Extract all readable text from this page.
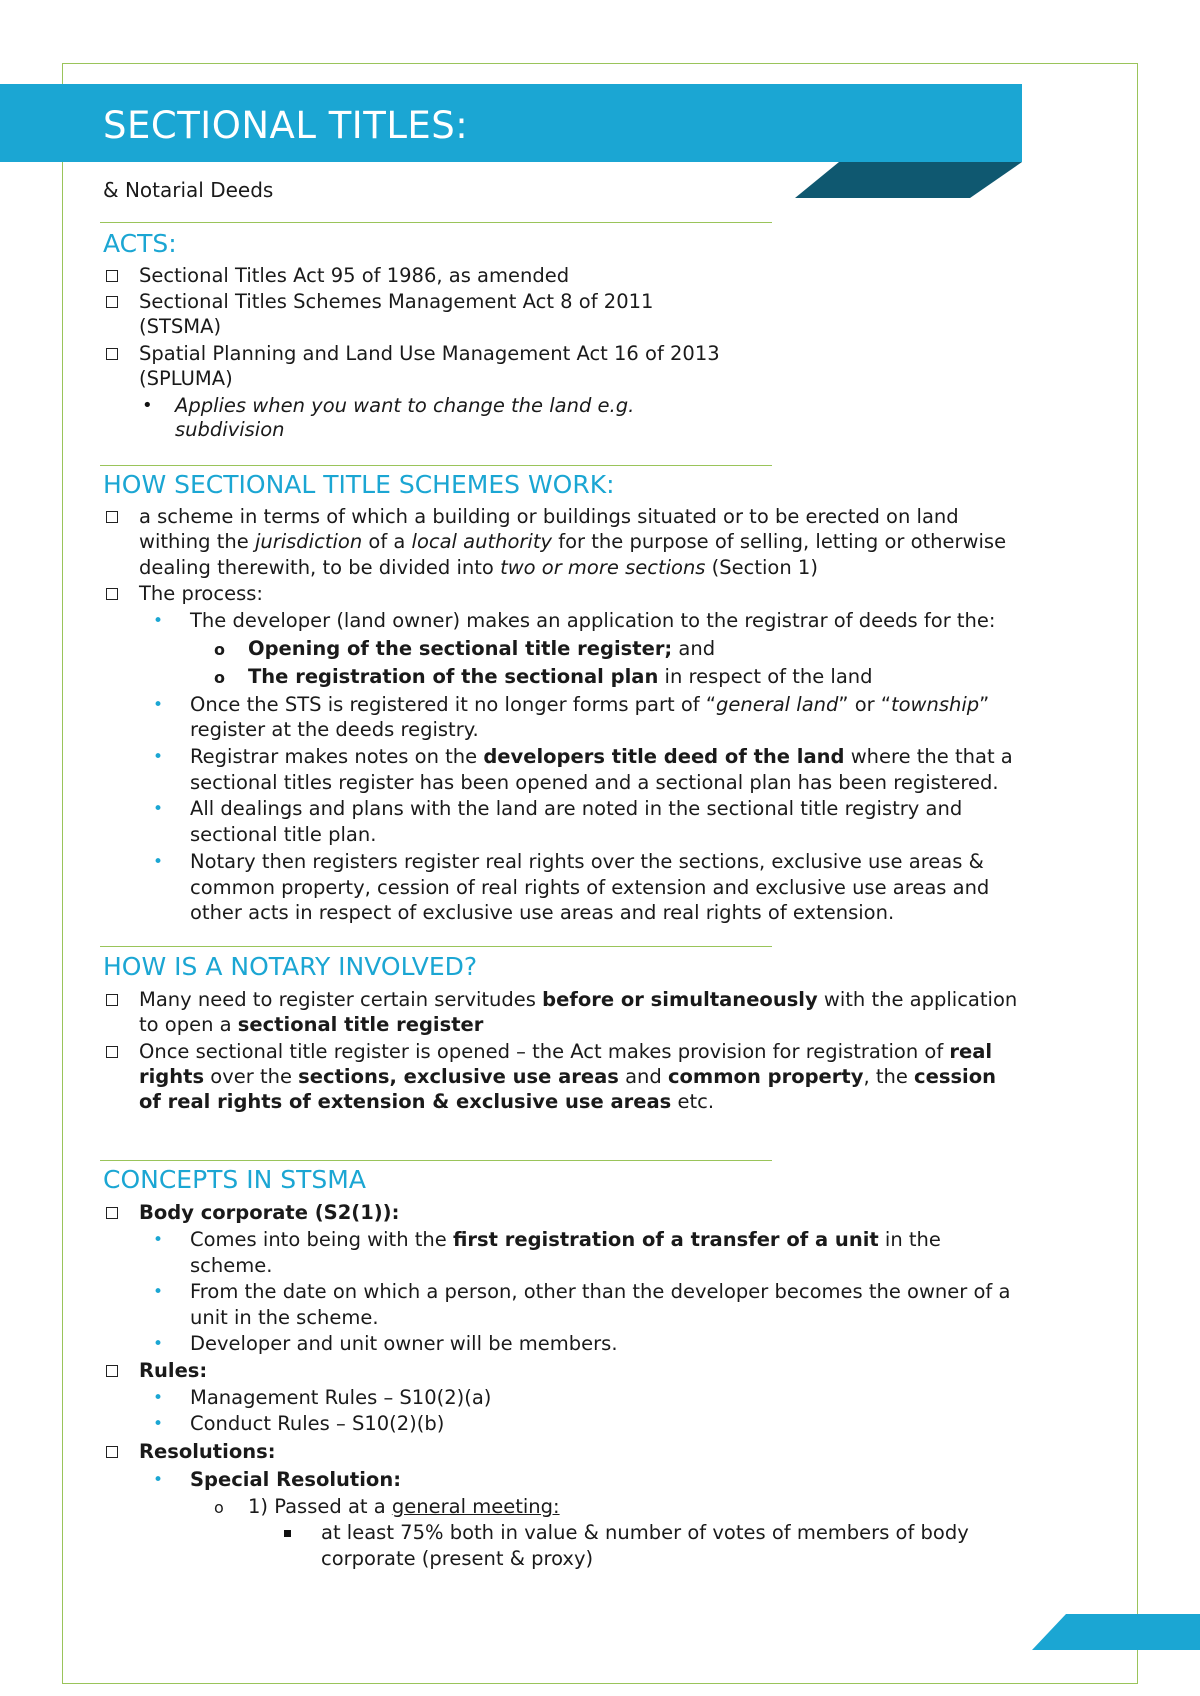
SECTIONAL TITLES:
& Notarial Deeds
ACTS:
Sectional Titles Act 95 of 1986, as amended
Sectional Titles Schemes Management Act 8 of 2011
(STSMA)
Spatial Planning and Land Use Management Act 16 of 2013
(SPLUMA)
• Applies when you want to change the land e.g.
subdivision
HOW SECTIONAL TITLE SCHEMES WORK:
a scheme in terms of which a building or buildings situated or to be erected on land
withing the jurisdiction of a local authority for the purpose of selling, letting or otherwise
dealing therewith, to be divided into two or more sections (Section 1)
The process:
• The developer (land owner) makes an application to the registrar of deeds for the:
o Opening of the sectional title register; and
o The registration of the sectional plan in respect of the land
• Once the STS is registered it no longer forms part of “general land” or “township”
register at the deeds registry.
• Registrar makes notes on the developers title deed of the land where the that a
sectional titles register has been opened and a sectional plan has been registered.
• All dealings and plans with the land are noted in the sectional title registry and
sectional title plan.
• Notary then registers register real rights over the sections, exclusive use areas &
common property, cession of real rights of extension and exclusive use areas and
other acts in respect of exclusive use areas and real rights of extension.
HOW IS A NOTARY INVOLVED?
Many need to register certain servitudes before or simultaneously with the application
to open a sectional title register
Once sectional title register is opened – the Act makes provision for registration of real
rights over the sections, exclusive use areas and common property, the cession
of real rights of extension & exclusive use areas etc.
CONCEPTS IN STSMA
Body corporate (S2(1)):
• Comes into being with the first registration of a transfer of a unit in the
scheme.
• From the date on which a person, other than the developer becomes the owner of a
unit in the scheme.
• Developer and unit owner will be members.
Rules:
• Management Rules – S10(2)(a)
• Conduct Rules – S10(2)(b)
Resolutions:
• Special Resolution:
o 1) Passed at a general meeting:
at least 75% both in value & number of votes of members of body
corporate (present & proxy)
